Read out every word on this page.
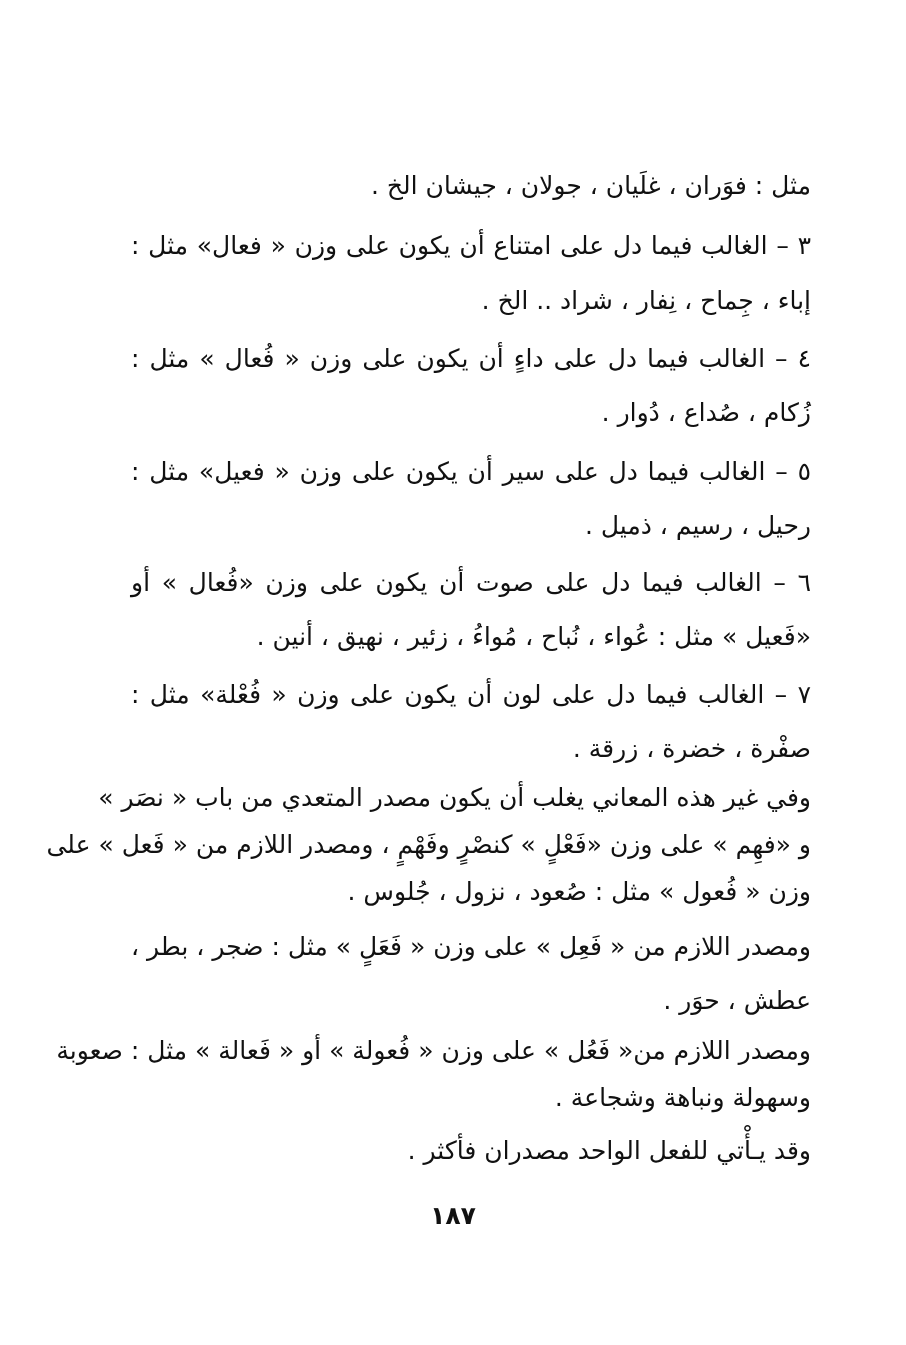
مثل : فوَران ، غلَيان ، جولان ، جيشان الخ .
٣ – الغالب فيما دل على امتناع أن يكون على وزن « فعال» مثل :
إباء ، جِماح ، نِفار ، شراد .. الخ .
٤ – الغالب فيما دل على داءٍ أن يكون على وزن « فُعال » مثل :
زُكام ، صُداع ، دُوار .
٥ – الغالب فيما دل على سير أن يكون على وزن « فعيل» مثل :
رحيل ، رسيم ، ذميل .
٦ – الغالب فيما دل على صوت أن يكون على وزن «فُعال » أو
«فَعيل » مثل : عُواء ، نُباح ، مُواءُ ، زئير ، نهيق ، أنين .
٧ – الغالب فيما دل على لون أن يكون على وزن « فُعْلة» مثل :
صفْرة ، خضرة ، زرقة .
وفي غير هذه المعاني يغلب أن يكون مصدر المتعدي من باب « نصَر »
و «فهِم » على وزن «فَعْلٍ » كنصْرٍ وفَهْمٍ ، ومصدر اللازم من « فَعل » على
وزن « فُعول » مثل : صُعود ، نزول ، جُلوس .
ومصدر اللازم من « فَعِل » على وزن « فَعَلٍ » مثل : ضجر ، بطر ،
عطش ، حوَر .
ومصدر اللازم من« فَعُل » على وزن « فُعولة » أو « فَعالة » مثل : صعوبة
وسهولة ونباهة وشجاعة .
وقد يـأْتي للفعل الواحد مصدران فأكثر .
١٨٧
